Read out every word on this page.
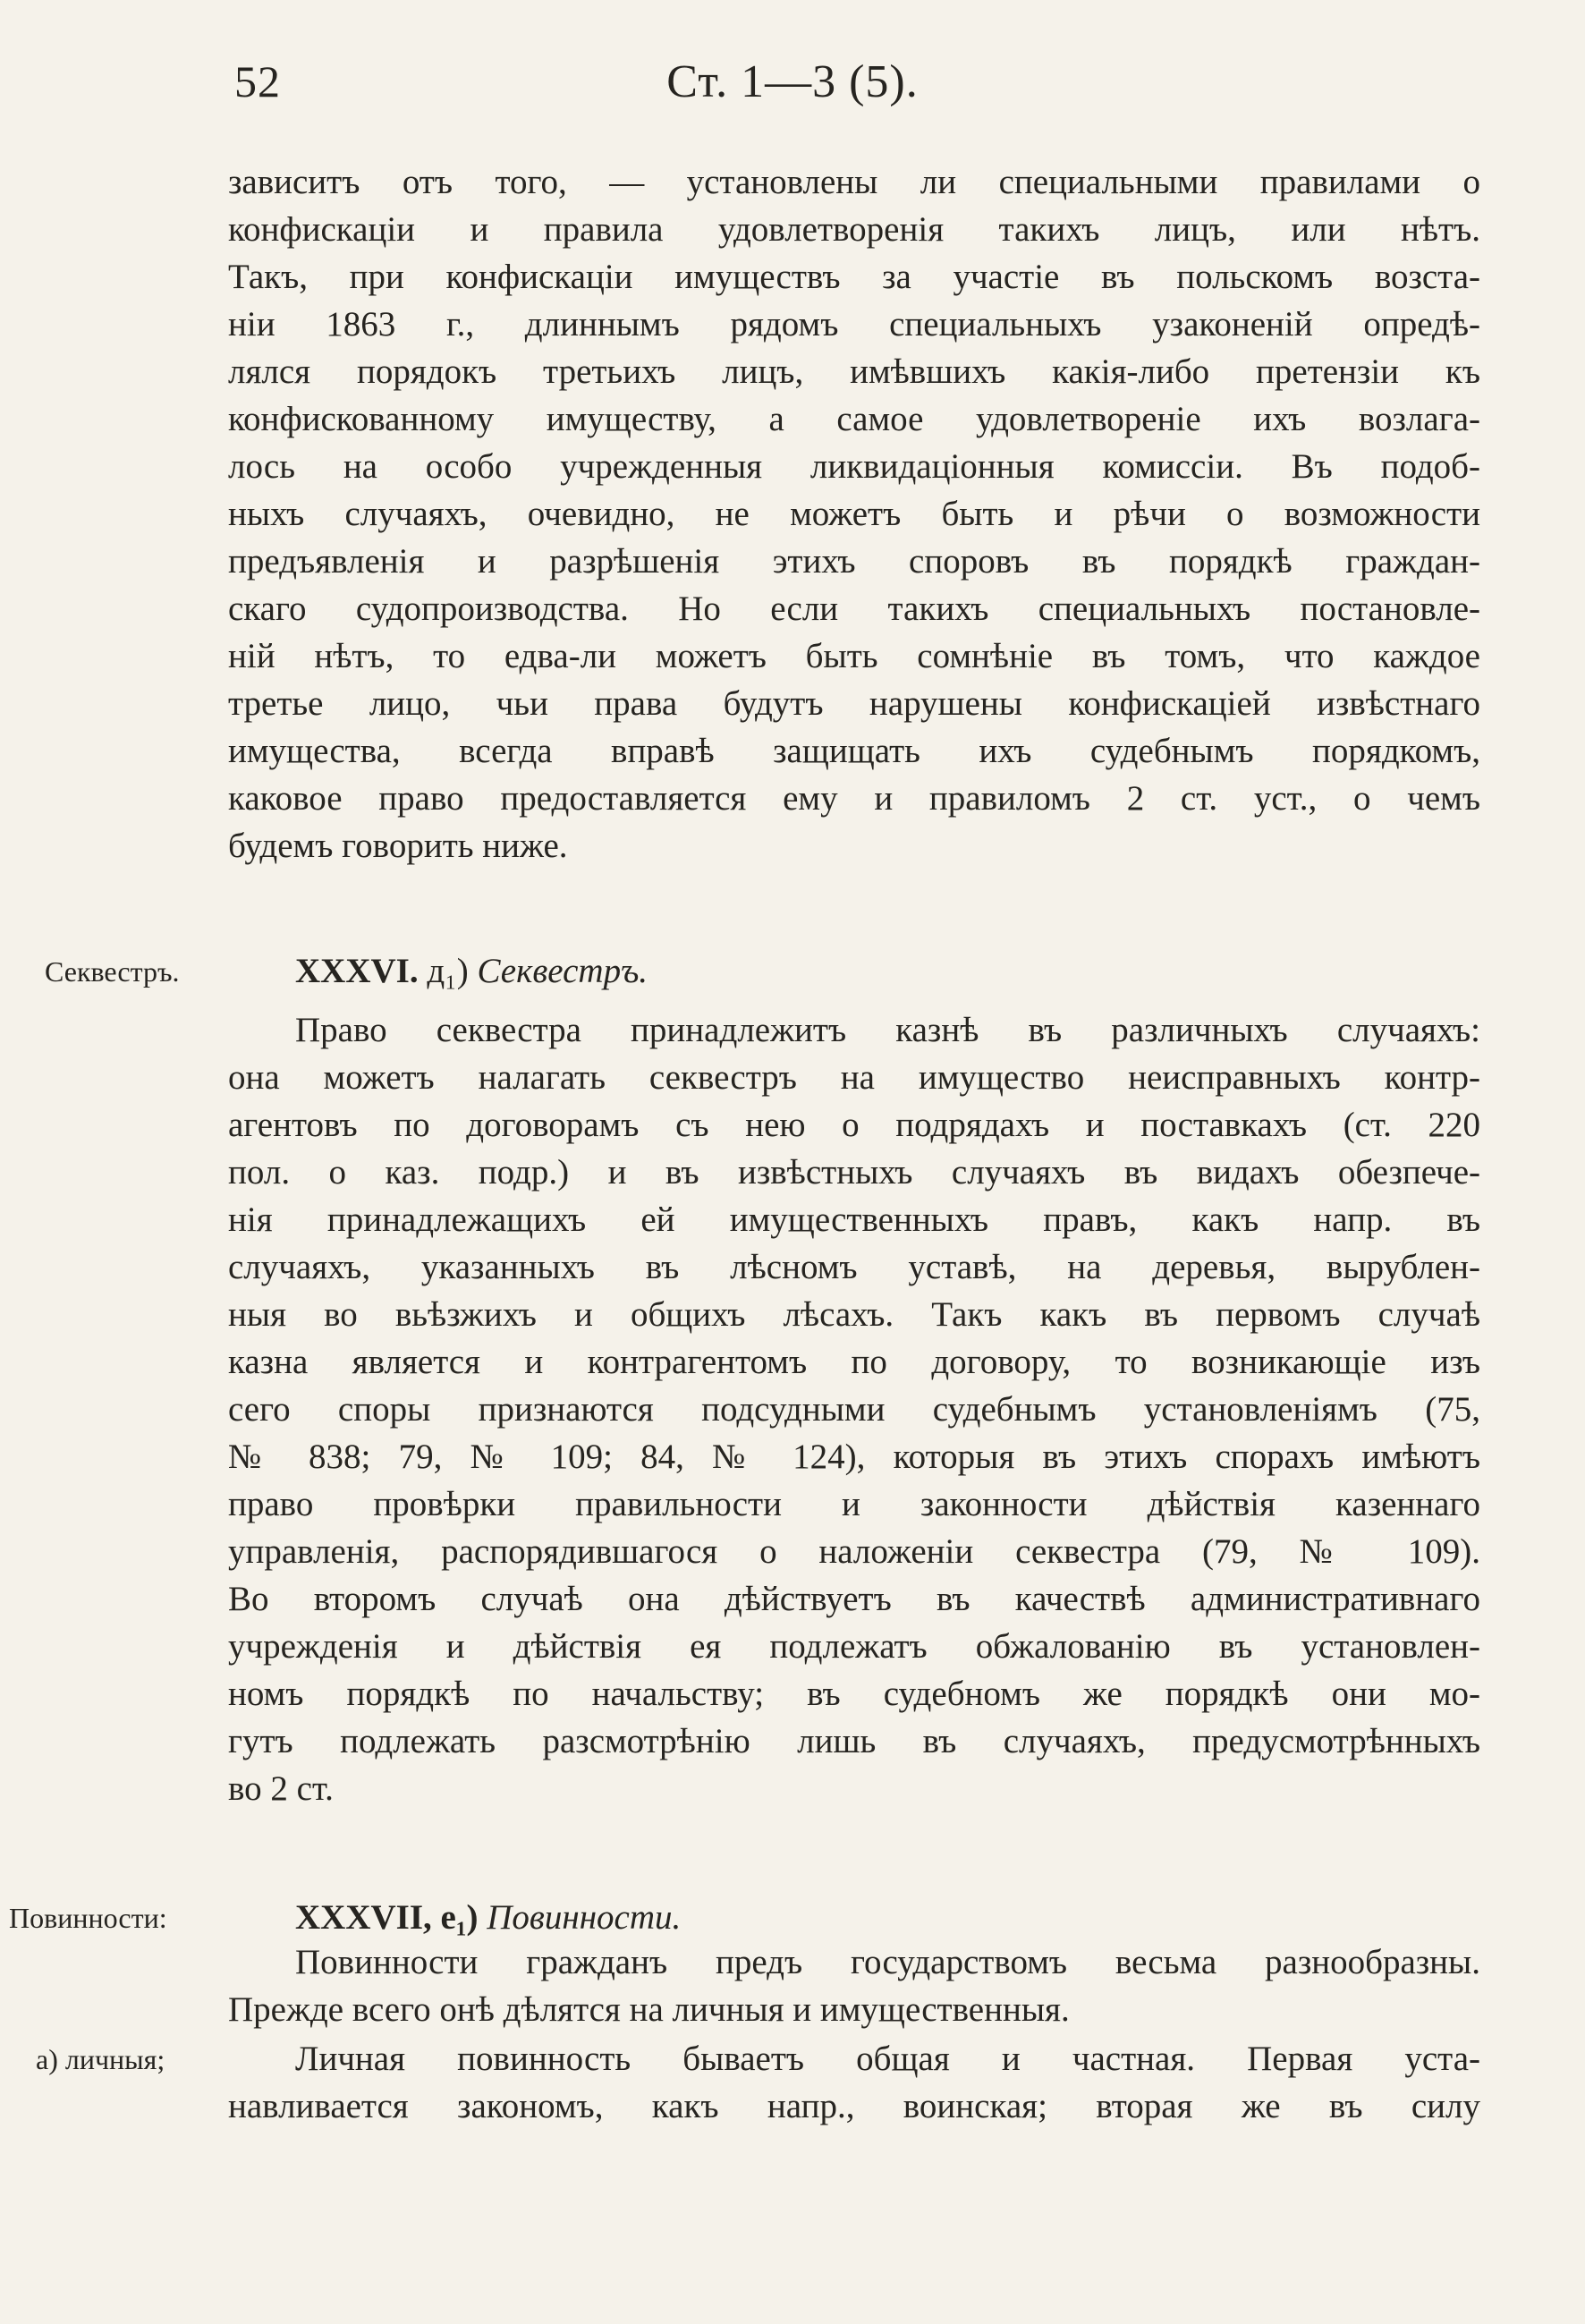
52	Ст. 1—3 (5).
Секвестръ.
Повинности:
а) личныя;
зависитъ отъ того, — установлены ли специальными правилами о
конфискаціи и правила удовлетворенія такихъ лицъ, или нѣтъ.
Такъ, при конфискаціи имуществъ за участіе въ польскомъ возста-
ніи 1863 г., длиннымъ рядомъ специальныхъ узаконеній опредѣ-
лялся порядокъ третьихъ лицъ, имѣвшихъ какія-либо претензіи къ
конфискованному имуществу, а самое удовлетвореніе ихъ возлага-
лось на особо учрежденныя ликвидаціонныя комиссіи. Въ подоб-
ныхъ случаяхъ, очевидно, не можетъ быть и рѣчи о возможности
предъявленія и разрѣшенія этихъ споровъ въ порядкѣ граждан-
скаго судопроизводства. Но если такихъ специальныхъ постановле-
ній нѣтъ, то едва-ли можетъ быть сомнѣніе въ томъ, что каждое
третье лицо, чьи права будутъ нарушены конфискаціей извѣстнаго
имущества, всегда вправѣ защищать ихъ судебнымъ порядкомъ,
каковое право предоставляется ему и правиломъ 2 ст. уст., о чемъ
будемъ говорить ниже.
XXXVI. д₁) Секвестръ.
Право секвестра принадлежитъ казнѣ въ различныхъ случаяхъ:
она можетъ налагать секвестръ на имущество неисправныхъ контр-
агентовъ по договорамъ съ нею о подрядахъ и поставкахъ (ст. 220
пол. о каз. подр.) и въ извѣстныхъ случаяхъ въ видахъ обезпече-
нія принадлежащихъ ей имущественныхъ правъ, какъ напр. въ
случаяхъ, указанныхъ въ лѣсномъ уставѣ, на деревья, вырублен-
ныя во вьѣзжихъ и общихъ лѣсахъ. Такъ какъ въ первомъ случаѣ
казна является и контрагентомъ по договору, то возникающіе изъ
сего споры признаются подсудными судебнымъ установленіямъ (75,
№ 838; 79, № 109; 84, № 124), которыя въ этихъ спорахъ имѣютъ
право провѣрки правильности и законности дѣйствія казеннаго
управленія, распорядившагося о наложеніи секвестра (79, № 109).
Во второмъ случаѣ она дѣйствуетъ въ качествѣ административнаго
учрежденія и дѣйствія ея подлежатъ обжалованію въ установлен-
номъ порядкѣ по начальству; въ судебномъ же порядкѣ они мо-
гутъ подлежать разсмотрѣнію лишь въ случаяхъ, предусмотрѣнныхъ
во 2 ст.
XXXVII, е₁) Повинности.
Повинности гражданъ предъ государствомъ весьма разнообразны.
Прежде всего онѣ дѣлятся на личныя и имущественныя.
Личная повинность бываетъ общая и частная. Первая уста-
навливается закономъ, какъ напр., воинская; вторая же въ силу
